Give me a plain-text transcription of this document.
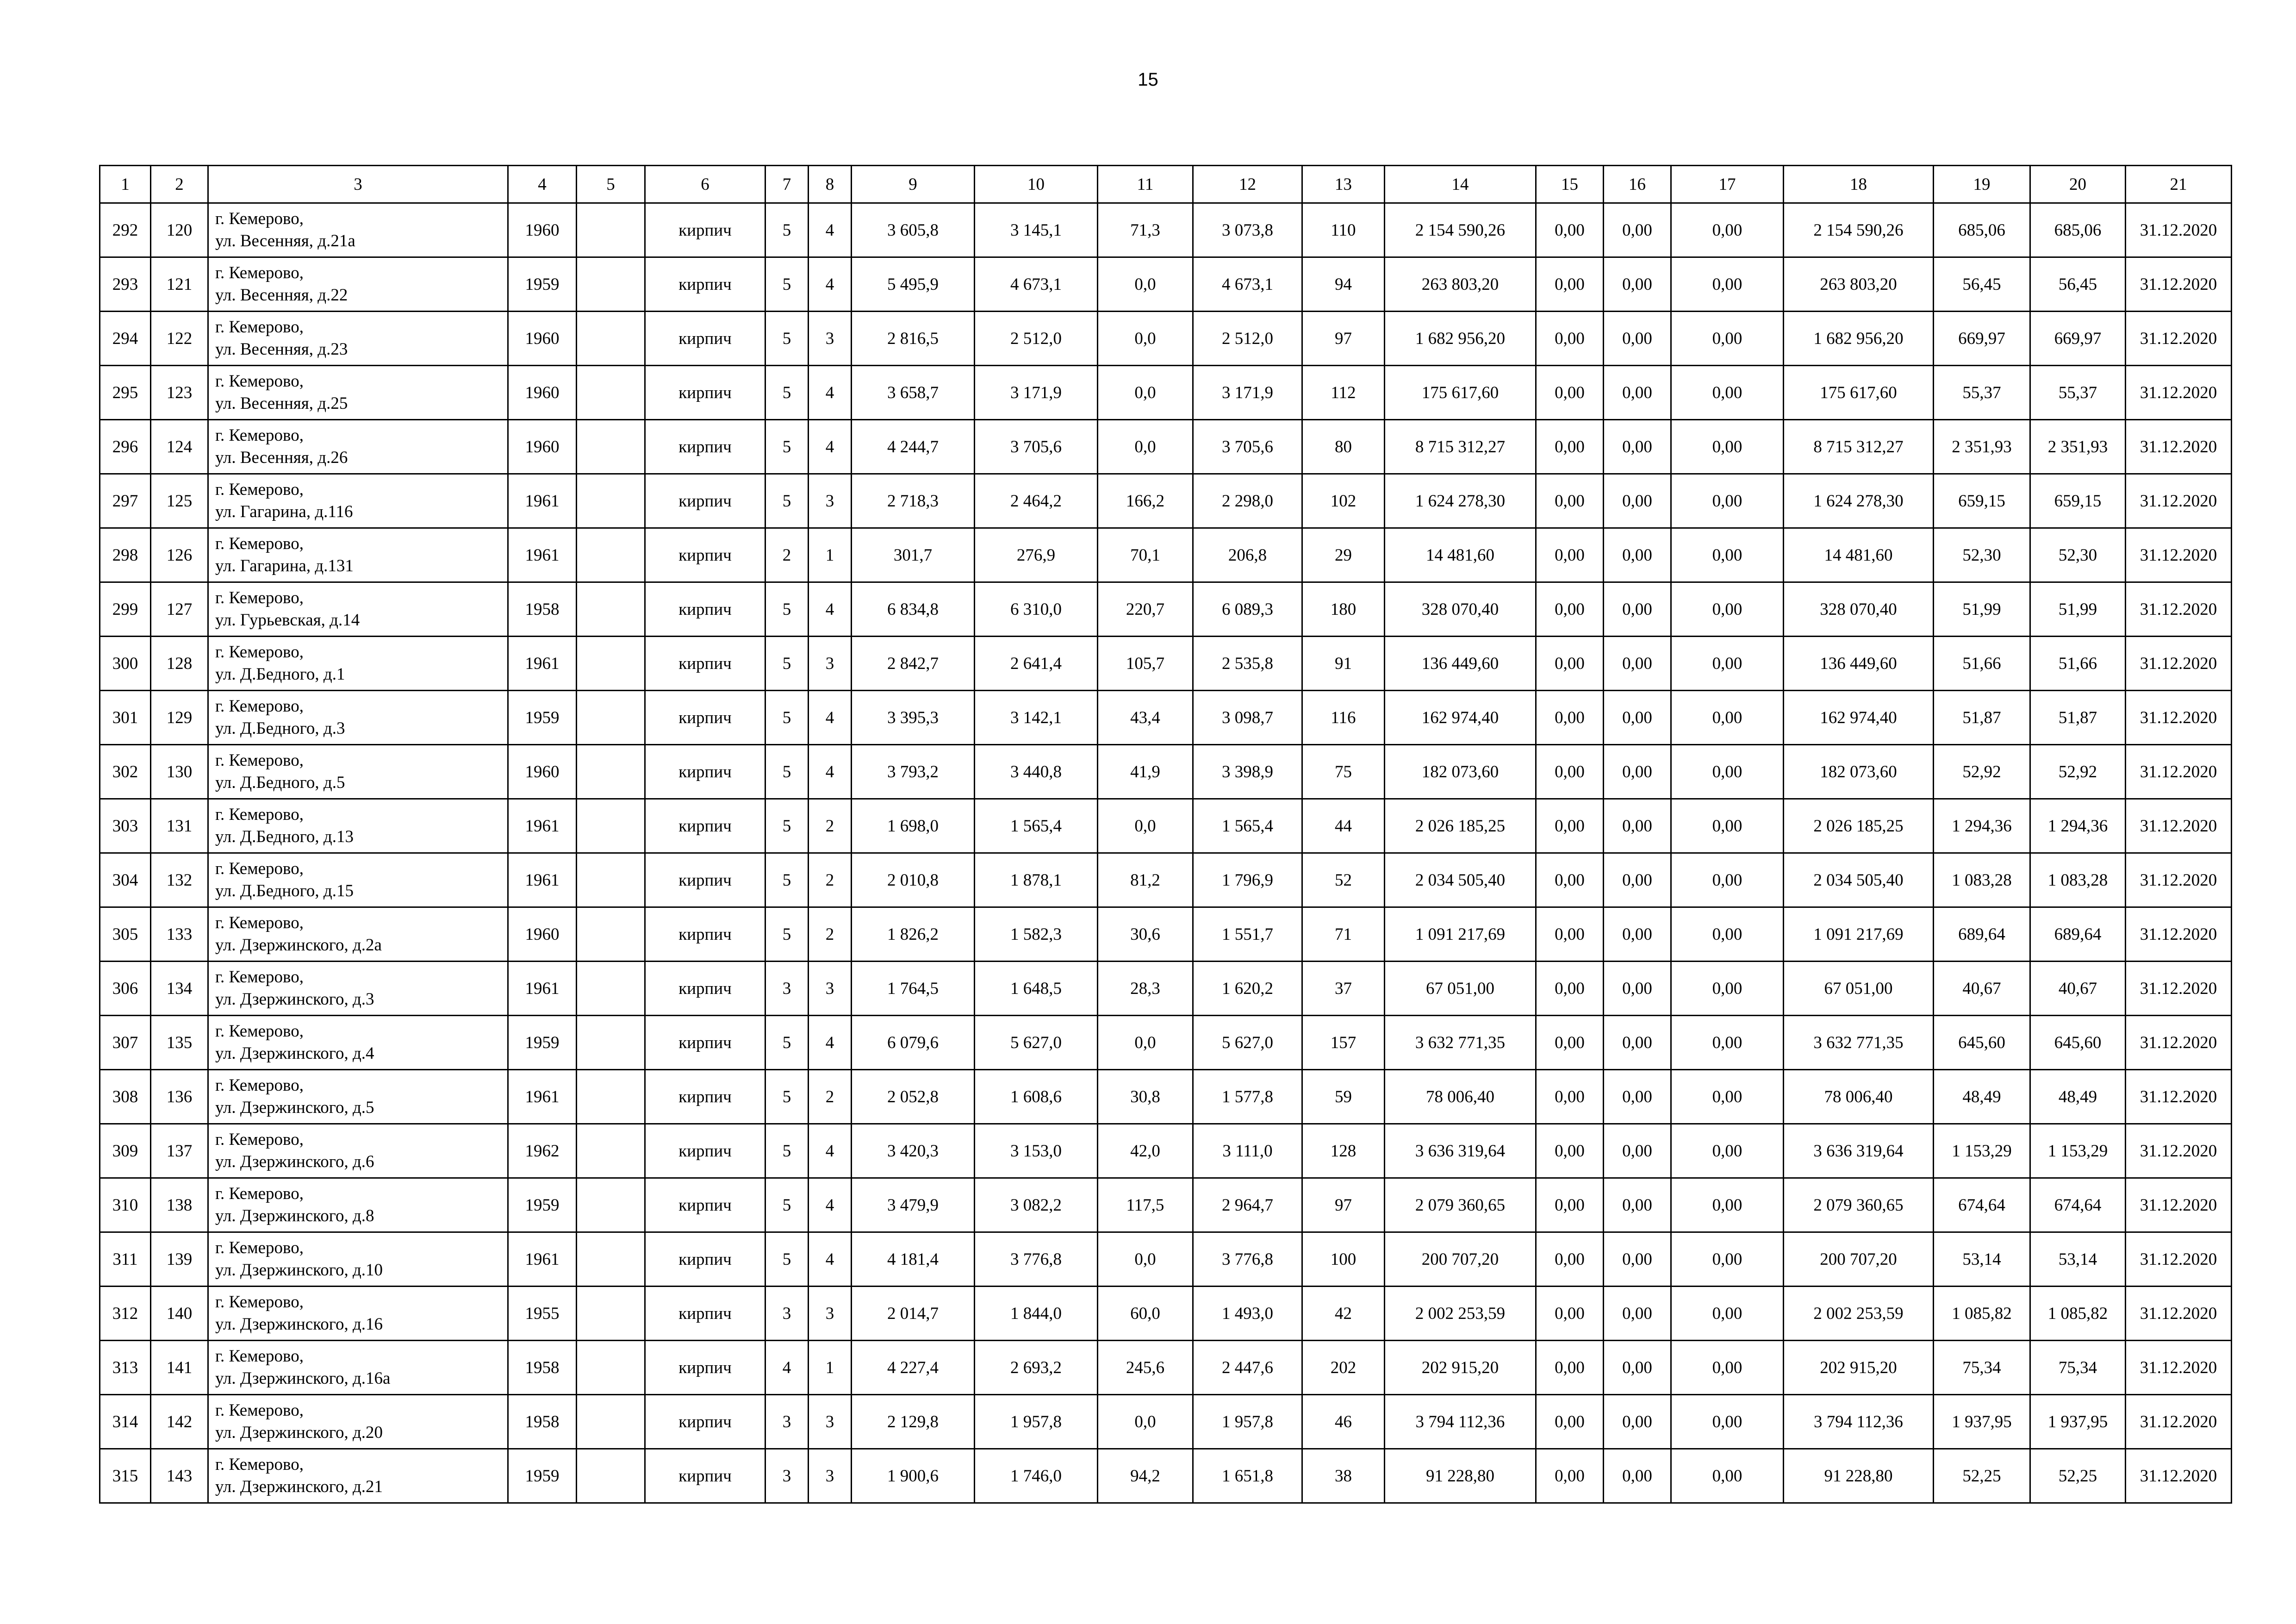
15
1	2	3	4	5	6	7	8	9	10	11	12	13	14	15	16	17	18	19	20	21
292	120	г. Кемерово,
ул. Весенняя, д.21а	1960		кирпич	5	4	3 605,8	3 145,1	71,3	3 073,8	110	2 154 590,26	0,00	0,00	0,00	2 154 590,26	685,06	685,06	31.12.2020
293	121	г. Кемерово,
ул. Весенняя, д.22	1959		кирпич	5	4	5 495,9	4 673,1	0,0	4 673,1	94	263 803,20	0,00	0,00	0,00	263 803,20	56,45	56,45	31.12.2020
294	122	г. Кемерово,
ул. Весенняя, д.23	1960		кирпич	5	3	2 816,5	2 512,0	0,0	2 512,0	97	1 682 956,20	0,00	0,00	0,00	1 682 956,20	669,97	669,97	31.12.2020
295	123	г. Кемерово,
ул. Весенняя, д.25	1960		кирпич	5	4	3 658,7	3 171,9	0,0	3 171,9	112	175 617,60	0,00	0,00	0,00	175 617,60	55,37	55,37	31.12.2020
296	124	г. Кемерово,
ул. Весенняя, д.26	1960		кирпич	5	4	4 244,7	3 705,6	0,0	3 705,6	80	8 715 312,27	0,00	0,00	0,00	8 715 312,27	2 351,93	2 351,93	31.12.2020
297	125	г. Кемерово,
ул. Гагарина, д.116	1961		кирпич	5	3	2 718,3	2 464,2	166,2	2 298,0	102	1 624 278,30	0,00	0,00	0,00	1 624 278,30	659,15	659,15	31.12.2020
298	126	г. Кемерово,
ул. Гагарина, д.131	1961		кирпич	2	1	301,7	276,9	70,1	206,8	29	14 481,60	0,00	0,00	0,00	14 481,60	52,30	52,30	31.12.2020
299	127	г. Кемерово,
ул. Гурьевская, д.14	1958		кирпич	5	4	6 834,8	6 310,0	220,7	6 089,3	180	328 070,40	0,00	0,00	0,00	328 070,40	51,99	51,99	31.12.2020
300	128	г. Кемерово,
ул. Д.Бедного, д.1	1961		кирпич	5	3	2 842,7	2 641,4	105,7	2 535,8	91	136 449,60	0,00	0,00	0,00	136 449,60	51,66	51,66	31.12.2020
301	129	г. Кемерово,
ул. Д.Бедного, д.3	1959		кирпич	5	4	3 395,3	3 142,1	43,4	3 098,7	116	162 974,40	0,00	0,00	0,00	162 974,40	51,87	51,87	31.12.2020
302	130	г. Кемерово,
ул. Д.Бедного, д.5	1960		кирпич	5	4	3 793,2	3 440,8	41,9	3 398,9	75	182 073,60	0,00	0,00	0,00	182 073,60	52,92	52,92	31.12.2020
303	131	г. Кемерово,
ул. Д.Бедного, д.13	1961		кирпич	5	2	1 698,0	1 565,4	0,0	1 565,4	44	2 026 185,25	0,00	0,00	0,00	2 026 185,25	1 294,36	1 294,36	31.12.2020
304	132	г. Кемерово,
ул. Д.Бедного, д.15	1961		кирпич	5	2	2 010,8	1 878,1	81,2	1 796,9	52	2 034 505,40	0,00	0,00	0,00	2 034 505,40	1 083,28	1 083,28	31.12.2020
305	133	г. Кемерово,
ул. Дзержинского, д.2а	1960		кирпич	5	2	1 826,2	1 582,3	30,6	1 551,7	71	1 091 217,69	0,00	0,00	0,00	1 091 217,69	689,64	689,64	31.12.2020
306	134	г. Кемерово,
ул. Дзержинского, д.3	1961		кирпич	3	3	1 764,5	1 648,5	28,3	1 620,2	37	67 051,00	0,00	0,00	0,00	67 051,00	40,67	40,67	31.12.2020
307	135	г. Кемерово,
ул. Дзержинского, д.4	1959		кирпич	5	4	6 079,6	5 627,0	0,0	5 627,0	157	3 632 771,35	0,00	0,00	0,00	3 632 771,35	645,60	645,60	31.12.2020
308	136	г. Кемерово,
ул. Дзержинского, д.5	1961		кирпич	5	2	2 052,8	1 608,6	30,8	1 577,8	59	78 006,40	0,00	0,00	0,00	78 006,40	48,49	48,49	31.12.2020
309	137	г. Кемерово,
ул. Дзержинского, д.6	1962		кирпич	5	4	3 420,3	3 153,0	42,0	3 111,0	128	3 636 319,64	0,00	0,00	0,00	3 636 319,64	1 153,29	1 153,29	31.12.2020
310	138	г. Кемерово,
ул. Дзержинского, д.8	1959		кирпич	5	4	3 479,9	3 082,2	117,5	2 964,7	97	2 079 360,65	0,00	0,00	0,00	2 079 360,65	674,64	674,64	31.12.2020
311	139	г. Кемерово,
ул. Дзержинского, д.10	1961		кирпич	5	4	4 181,4	3 776,8	0,0	3 776,8	100	200 707,20	0,00	0,00	0,00	200 707,20	53,14	53,14	31.12.2020
312	140	г. Кемерово,
ул. Дзержинского, д.16	1955		кирпич	3	3	2 014,7	1 844,0	60,0	1 493,0	42	2 002 253,59	0,00	0,00	0,00	2 002 253,59	1 085,82	1 085,82	31.12.2020
313	141	г. Кемерово,
ул. Дзержинского, д.16а	1958		кирпич	4	1	4 227,4	2 693,2	245,6	2 447,6	202	202 915,20	0,00	0,00	0,00	202 915,20	75,34	75,34	31.12.2020
314	142	г. Кемерово,
ул. Дзержинского, д.20	1958		кирпич	3	3	2 129,8	1 957,8	0,0	1 957,8	46	3 794 112,36	0,00	0,00	0,00	3 794 112,36	1 937,95	1 937,95	31.12.2020
315	143	г. Кемерово,
ул. Дзержинского, д.21	1959		кирпич	3	3	1 900,6	1 746,0	94,2	1 651,8	38	91 228,80	0,00	0,00	0,00	91 228,80	52,25	52,25	31.12.2020
